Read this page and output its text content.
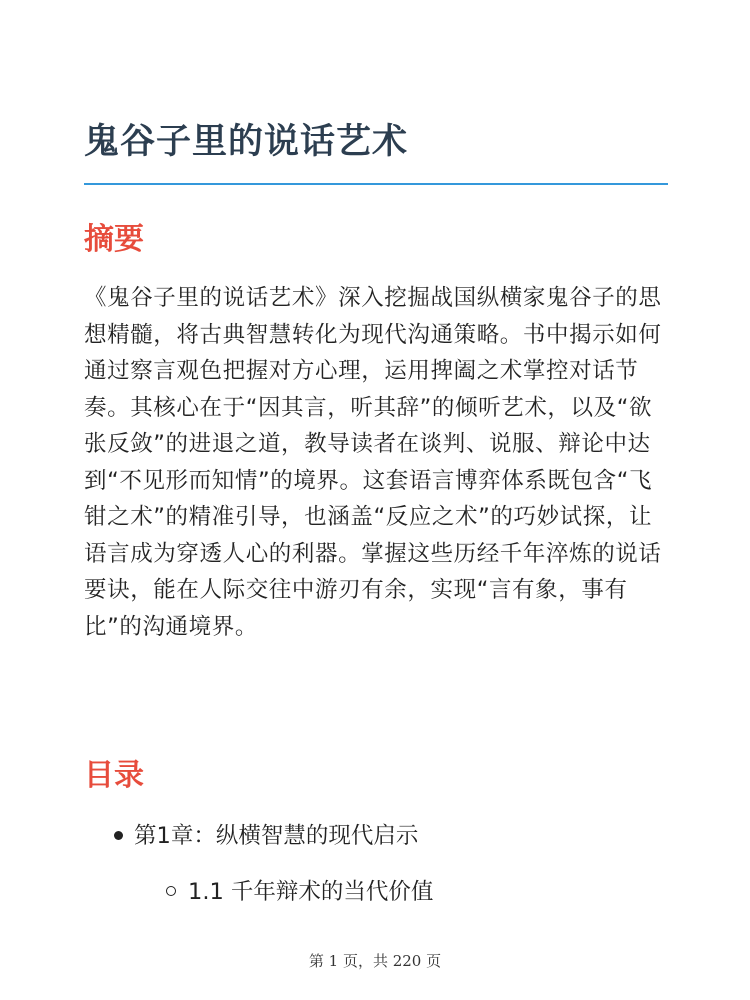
鬼谷子里的说话艺术
摘要

《鬼谷子里的说话艺术》深入挖掘战国纵横家鬼谷子的思想精髓，将古典智慧转化为现代沟通策略。书中揭示如何通过察言观色把握对方心理，运用捭阖之术掌控对话节奏。其核心在于“因其言，听其辞”的倾听艺术，以及“欲张反敛”的进退之道，教导读者在谈判、说服、辩论中达到“不见形而知情”的境界。这套语言博弈体系既包含“飞钳之术”的精准引导，也涵盖“反应之术”的巧妙试探，让语言成为穿透人心的利器。掌握这些历经千年淬炼的说话要诀，能在人际交往中游刃有余，实现“言有象，事有比”的沟通境界。

目录
第1章：纵横智慧的现代启示
1.1 千年辩术的当代价值
第 1 页，共 220 页
